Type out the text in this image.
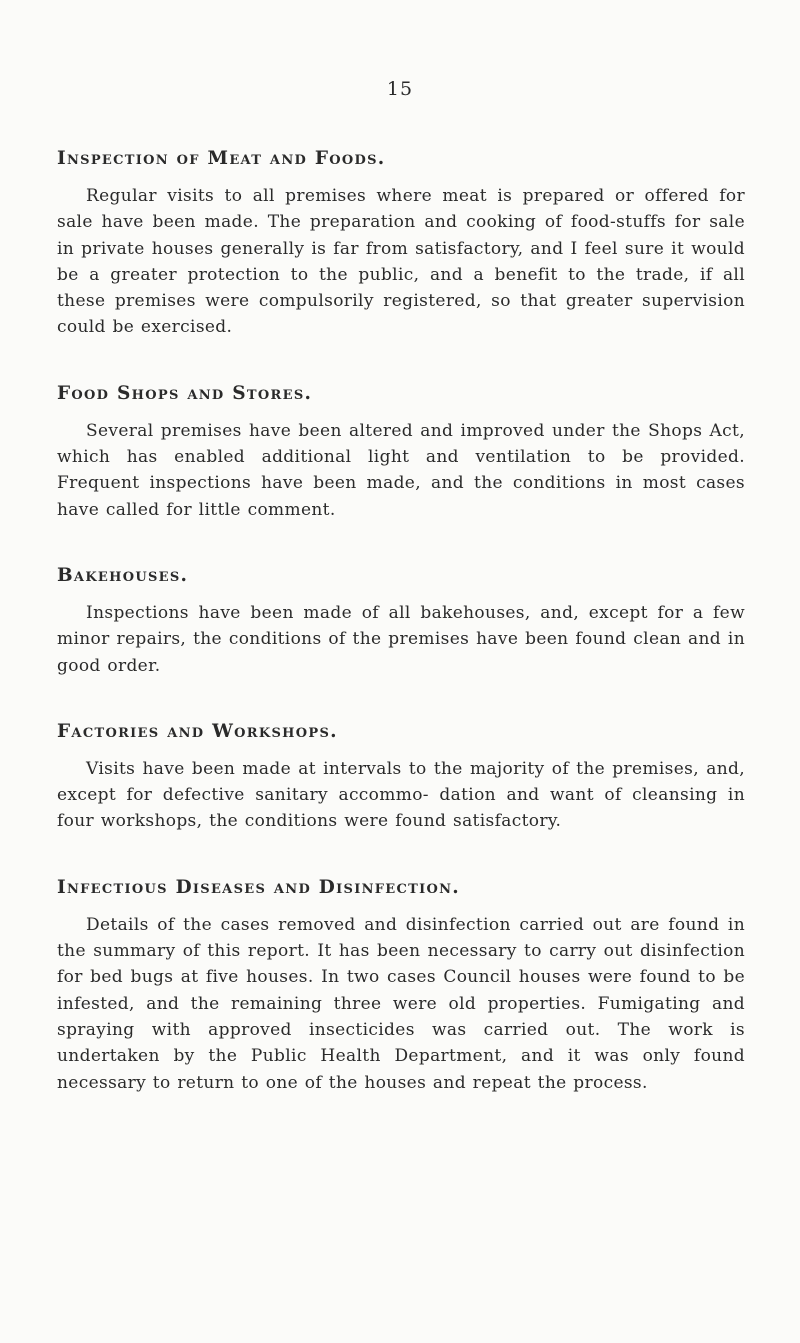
15
Inspection of Meat and Foods.

Regular visits to all premises where meat is prepared or offered for sale have been made. The preparation and cooking of food-stuffs for sale in private houses generally is far from satisfactory, and I feel sure it would be a greater protection to the public, and a benefit to the trade, if all these premises were compulsorily registered, so that greater supervision could be exercised.

Food Shops and Stores.

Several premises have been altered and improved under the Shops Act, which has enabled additional light and ventilation to be provided. Frequent inspections have been made, and the conditions in most cases have called for little comment.

Bakehouses.

Inspections have been made of all bakehouses, and, except for a few minor repairs, the conditions of the premises have been found clean and in good order.

Factories and Workshops.

Visits have been made at intervals to the majority of the premises, and, except for defective sanitary accommo- dation and want of cleansing in four workshops, the conditions were found satisfactory.

Infectious Diseases and Disinfection.

Details of the cases removed and disinfection carried out are found in the summary of this report. It has been necessary to carry out disinfection for bed bugs at five houses. In two cases Council houses were found to be infested, and the remaining three were old properties. Fumigating and spraying with approved insecticides was carried out. The work is undertaken by the Public Health Department, and it was only found necessary to return to one of the houses and repeat the process.
